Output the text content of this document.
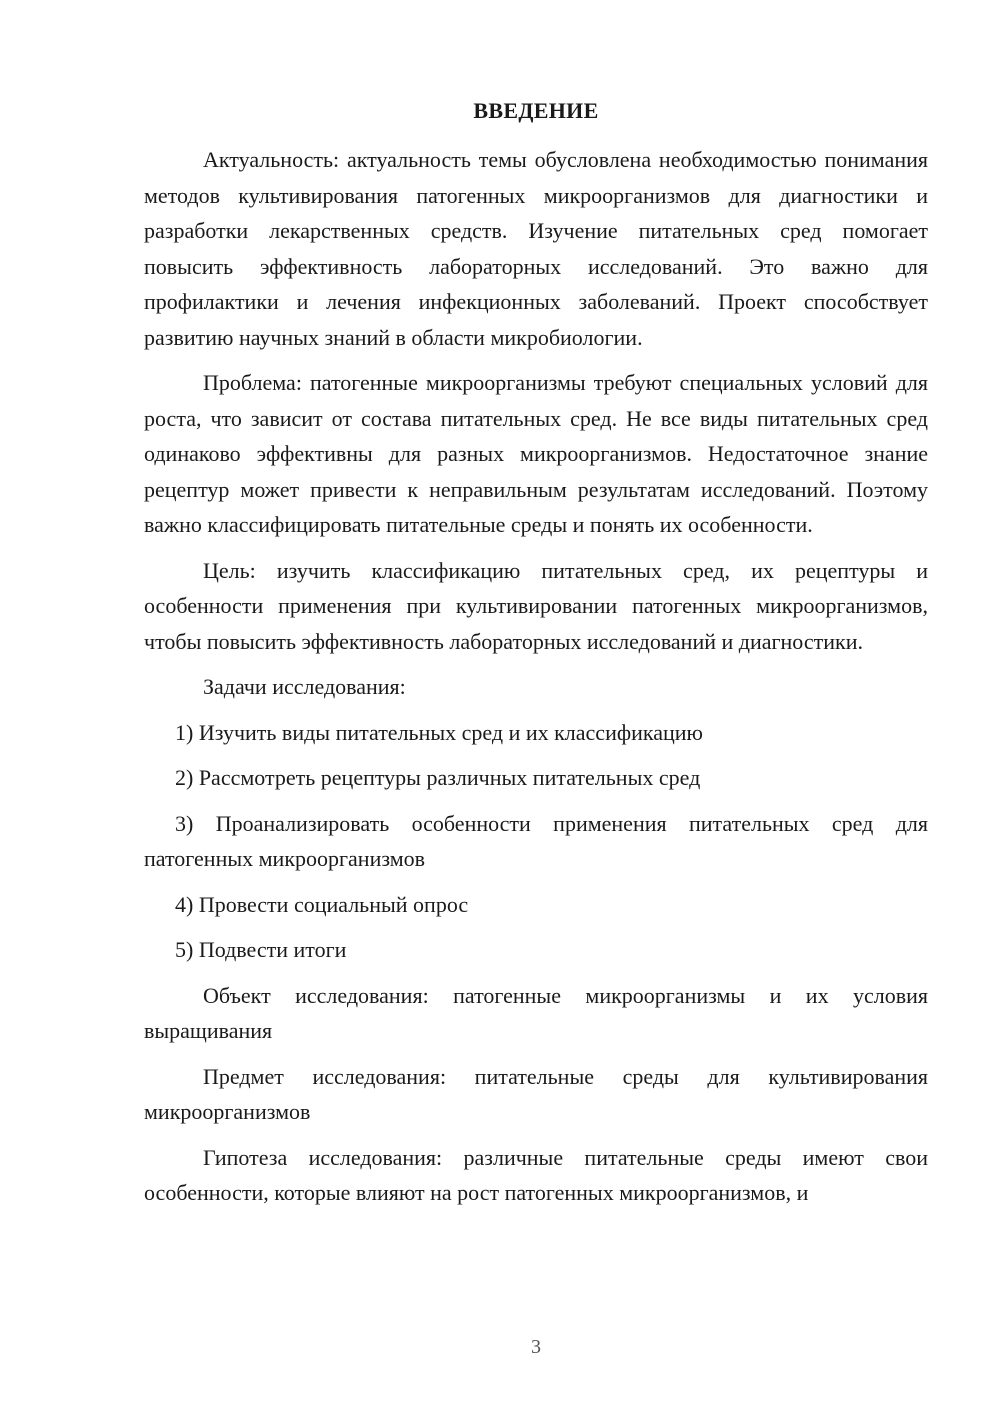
ВВЕДЕНИЕ

Актуальность: актуальность темы обусловлена необходимостью понимания методов культивирования патогенных микроорганизмов для диагностики и разработки лекарственных средств. Изучение питательных сред помогает повысить эффективность лабораторных исследований. Это важно для профилактики и лечения инфекционных заболеваний. Проект способствует развитию научных знаний в области микробиологии.

Проблема: патогенные микроорганизмы требуют специальных условий для роста, что зависит от состава питательных сред. Не все виды питательных сред одинаково эффективны для разных микроорганизмов. Недостаточное знание рецептур может привести к неправильным результатам исследований. Поэтому важно классифицировать питательные среды и понять их особенности.

Цель: изучить классификацию питательных сред, их рецептуры и особенности применения при культивировании патогенных микроорганизмов, чтобы повысить эффективность лабораторных исследований и диагностики.

Задачи исследования:

1) Изучить виды питательных сред и их классификацию

2) Рассмотреть рецептуры различных питательных сред

3) Проанализировать особенности применения питательных сред для патогенных микроорганизмов

4) Провести социальный опрос

5) Подвести итоги

Объект исследования: патогенные микроорганизмы и их условия выращивания

Предмет исследования: питательные среды для культивирования микроорганизмов

Гипотеза исследования: различные питательные среды имеют свои особенности, которые влияют на рост патогенных микроорганизмов, и

3
